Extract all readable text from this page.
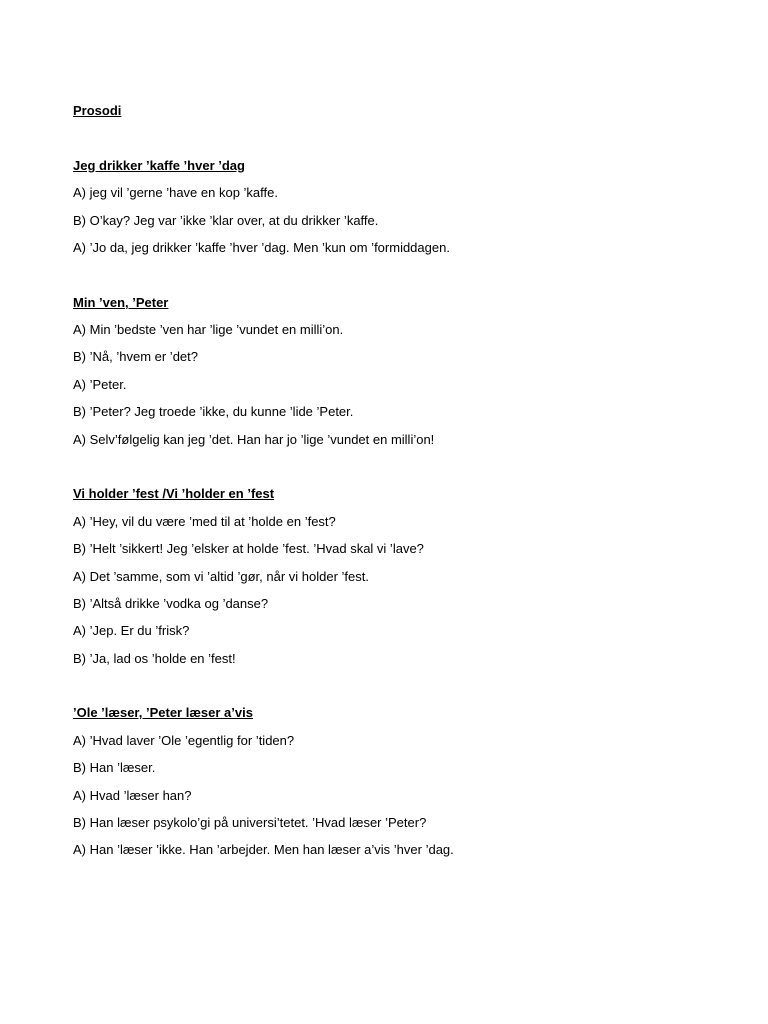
Prosodi

Jeg drikker ’kaffe ’hver ’dag

A) jeg vil ’gerne ’have en kop ’kaffe.

B) O’kay? Jeg var ’ikke ’klar over, at du drikker ’kaffe.

A) ’Jo da, jeg drikker ’kaffe ’hver ’dag. Men ’kun om ’formiddagen.

Min ’ven, ’Peter

A) Min ’bedste ’ven har ’lige ’vundet en milli’on.

B) ’Nå, ’hvem er ’det?

A) ’Peter.

B) ’Peter? Jeg troede ’ikke, du kunne ’lide ’Peter.

A) Selv’følgelig kan jeg ’det. Han har jo ’lige ’vundet en milli’on!

Vi holder ’fest /Vi ’holder en ’fest

A) ’Hey, vil du være ’med til at ’holde en ’fest?

B) ’Helt ’sikkert! Jeg ’elsker at holde ’fest. ’Hvad skal vi ’lave?

A) Det ’samme, som vi ’altid ’gør, når vi holder ’fest.

B) ’Altså drikke ’vodka og ’danse?

A) ’Jep. Er du ’frisk?

B) ’Ja, lad os ’holde en ’fest!

’Ole ’læser, ’Peter læser a’vis

A) ’Hvad laver ’Ole ’egentlig for ’tiden?

B) Han ’læser.

A) Hvad ’læser han?

B) Han læser psykolo’gi på universi’tetet. ’Hvad læser ’Peter?

A) Han ’læser ’ikke. Han ’arbejder. Men han læser a’vis ’hver ’dag.
